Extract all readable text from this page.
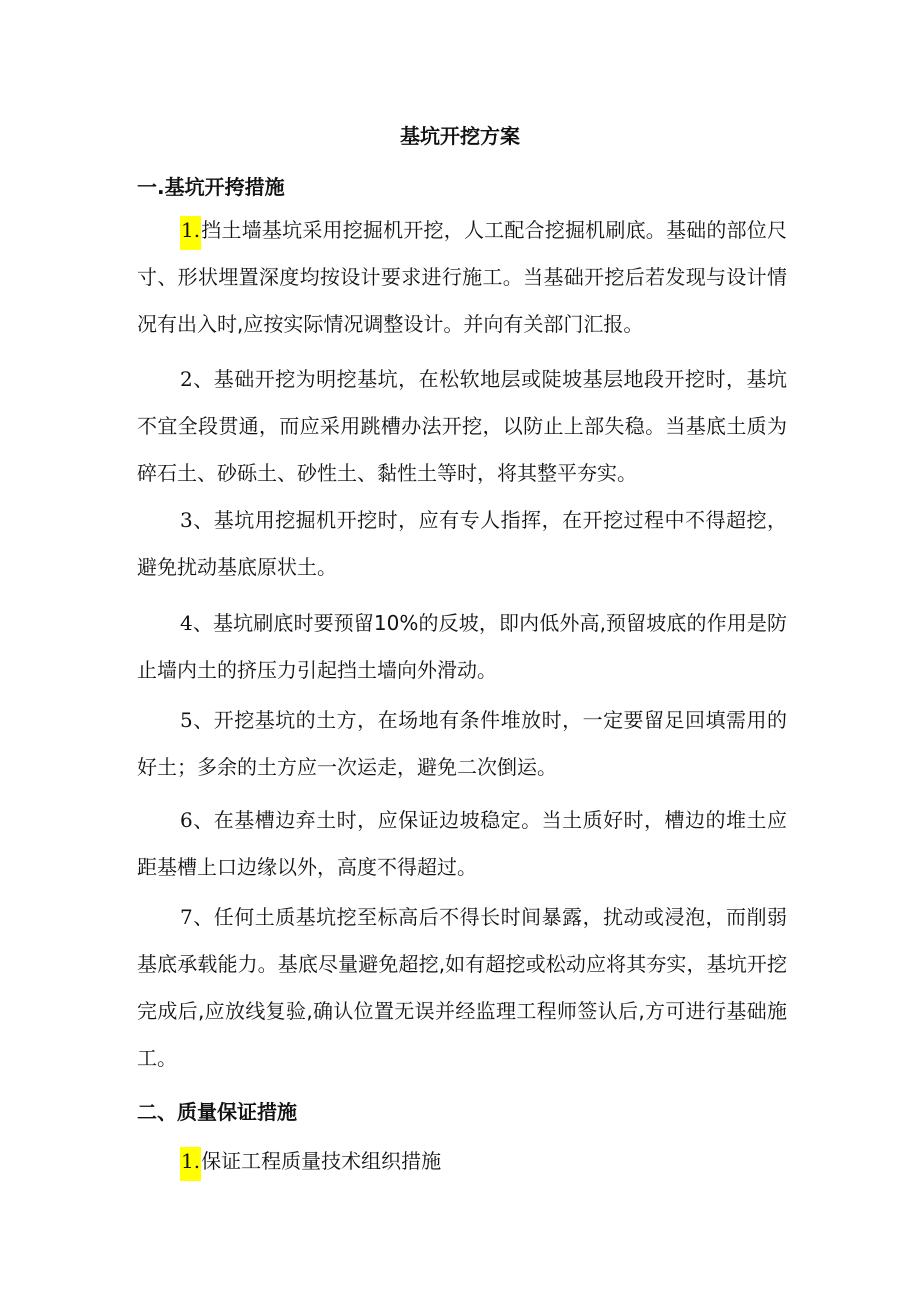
基坑开挖方案
一.基坑开挎措施
1.挡土墙基坑采用挖掘机开挖，人工配合挖掘机刷底。基础的部位尺寸、形状埋置深度均按设计要求进行施工。当基础开挖后若发现与设计情况有出入时,应按实际情况调整设计。并向有关部门汇报。
2、基础开挖为明挖基坑，在松软地层或陡坡基层地段开挖时，基坑不宜全段贯通，而应采用跳槽办法开挖，以防止上部失稳。当基底土质为碎石土、砂砾土、砂性土、黏性土等时，将其整平夯实。
3、基坑用挖掘机开挖时，应有专人指挥，在开挖过程中不得超挖，避免扰动基底原状土。
4、基坑刷底时要预留10%的反坡，即内低外高,预留坡底的作用是防止墙内土的挤压力引起挡土墙向外滑动。
5、开挖基坑的土方，在场地有条件堆放时，一定要留足回填需用的好土；多余的土方应一次运走，避免二次倒运。
6、在基槽边弃土时，应保证边坡稳定。当土质好时，槽边的堆土应距基槽上口边缘以外，高度不得超过。
7、任何土质基坑挖至标高后不得长时间暴露，扰动或浸泡，而削弱基底承载能力。基底尽量避免超挖,如有超挖或松动应将其夯实，基坑开挖完成后,应放线复验,确认位置无误并经监理工程师签认后,方可进行基础施工。
二、质量保证措施
1.保证工程质量技术组织措施
